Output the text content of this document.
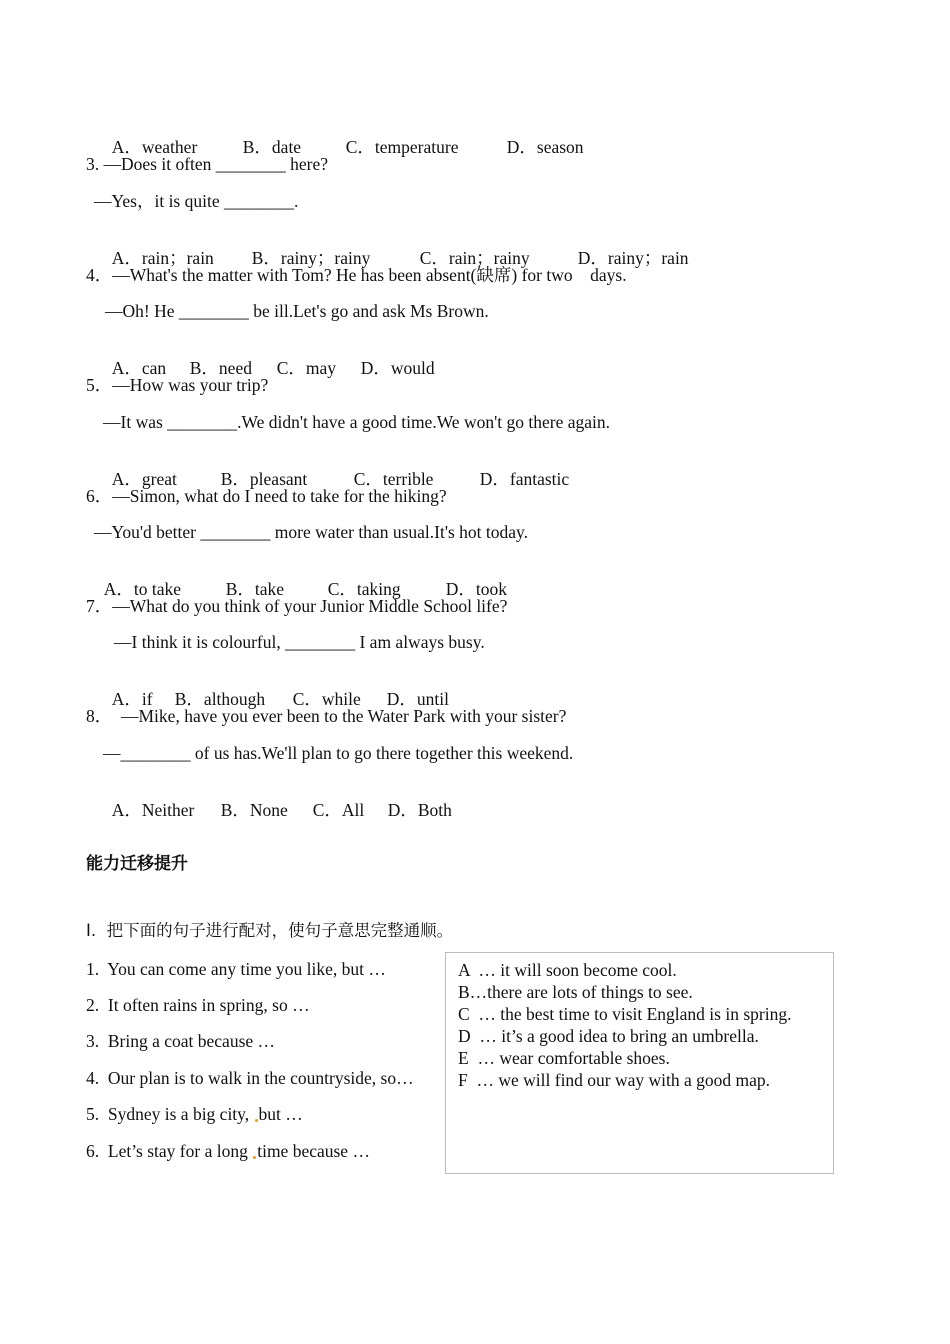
A．weather	B．date	C．temperature	D．season

3. —Does it often ________ here?
—Yes，it is quite ________.

A．rain；rain B．rainy；rainy	C．rain；rainy	D．rainy；rain

4．—What's the matter with Tom? He has been absent(缺席) for two    days.
—Oh! He ________ be ill.Let's go and ask Ms Brown.

A．can B．need C．may D．would

5．—How was your trip?
—It was ________.We didn't have a good time.We won't go there again.

A．great	B．pleasant	C．terrible	D．fantastic

6．—Simon, what do I need to take for the hiking?
—You'd better ________ more water than usual.It's hot today.

A．to take	B．take C．taking	D．took

7．—What do you think of your Junior Middle School life?
—I think it is colourful, ________ I am always busy.

A．if B．although C．while D．until

8．  —Mike, have you ever been to the Water Park with your sister?
—________ of us has.We'll plan to go there together this weekend.

A．Neither B．None C．All D．Both

能力迁移提升
I.  把下面的句子进行配对，使句子意思完整通顺。
1.  You can come any time you like, but …
2.  It often rains in spring, so …
3.  Bring a coat because …
4.  Our plan is to walk in the countryside, so…
5.  Sydney is a big city, but …
6.  Let’s stay for a long time because …
A  … it will soon become cool.
B…there are lots of things to see.
C  … the best time to visit England is in spring.
D  … it’s a good idea to bring an umbrella.
E  … wear comfortable shoes.
F  … we will find our way with a good map.
